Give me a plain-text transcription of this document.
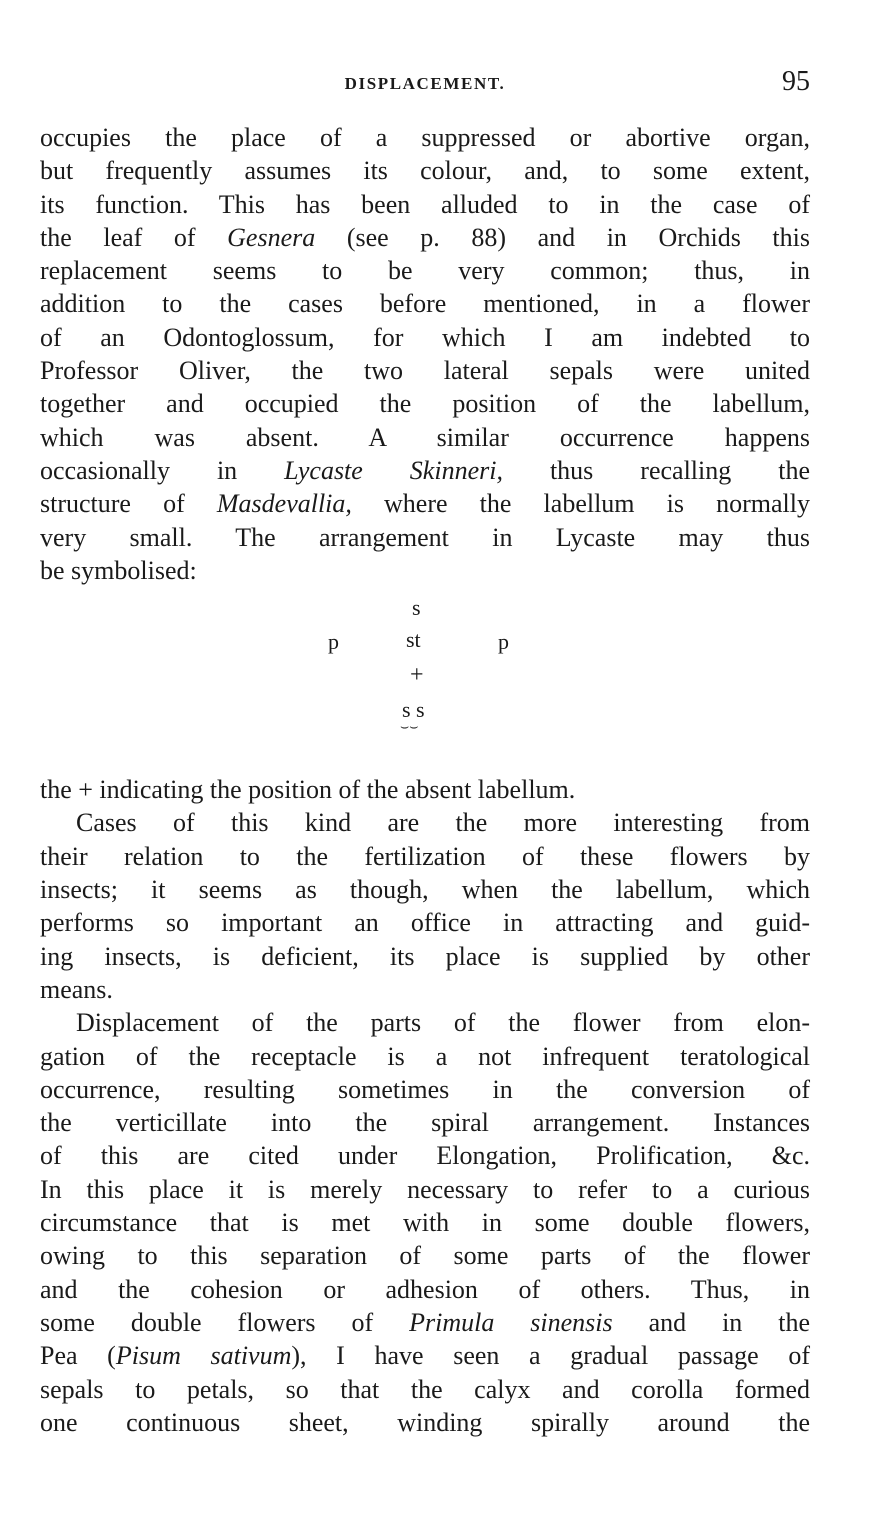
DISPLACEMENT.	95
occupies the place of a suppressed or abortive organ,
but frequently assumes its colour, and, to some extent,
its function. This has been alluded to in the case of
the leaf of Gesnera (see p. 88) and in Orchids this
replacement seems to be very common; thus, in
addition to the cases before mentioned, in a flower
of an Odontoglossum, for which I am indebted to
Professor Oliver, the two lateral sepals were united
together and occupied the position of the labellum,
which was absent. A similar occurrence happens
occasionally in Lycaste Skinneri, thus recalling the
structure of Masdevallia, where the labellum is normally
very small. The arrangement in Lycaste may thus
be symbolised:
s
p	st	p
+
s s
⌣⌣
the + indicating the position of the absent labellum.
Cases of this kind are the more interesting from
their relation to the fertilization of these flowers by
insects; it seems as though, when the labellum, which
performs so important an office in attracting and guid-
ing insects, is deficient, its place is supplied by other
means.
Displacement of the parts of the flower from elon-
gation of the receptacle is a not infrequent teratological
occurrence, resulting sometimes in the conversion of
the verticillate into the spiral arrangement. Instances
of this are cited under Elongation, Prolification, &c.
In this place it is merely necessary to refer to a curious
circumstance that is met with in some double flowers,
owing to this separation of some parts of the flower
and the cohesion or adhesion of others. Thus, in
some double flowers of Primula sinensis and in the
Pea (Pisum sativum), I have seen a gradual passage of
sepals to petals, so that the calyx and corolla formed
one continuous sheet, winding spirally around the
